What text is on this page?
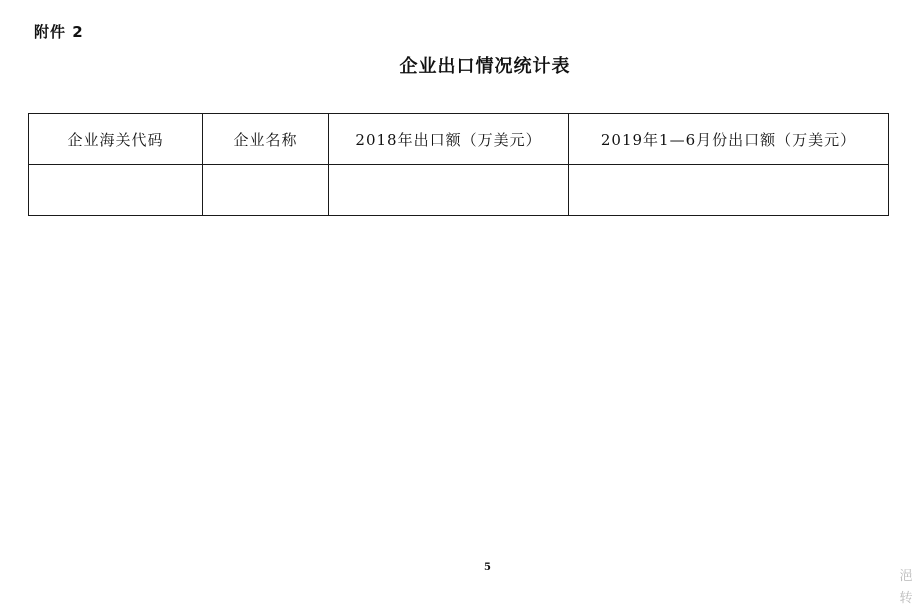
附件 2
企业出口情况统计表
企业海关代码	企业名称	2018年出口额（万美元）	2019年1—6月份出口额（万美元）

5
浥
转
